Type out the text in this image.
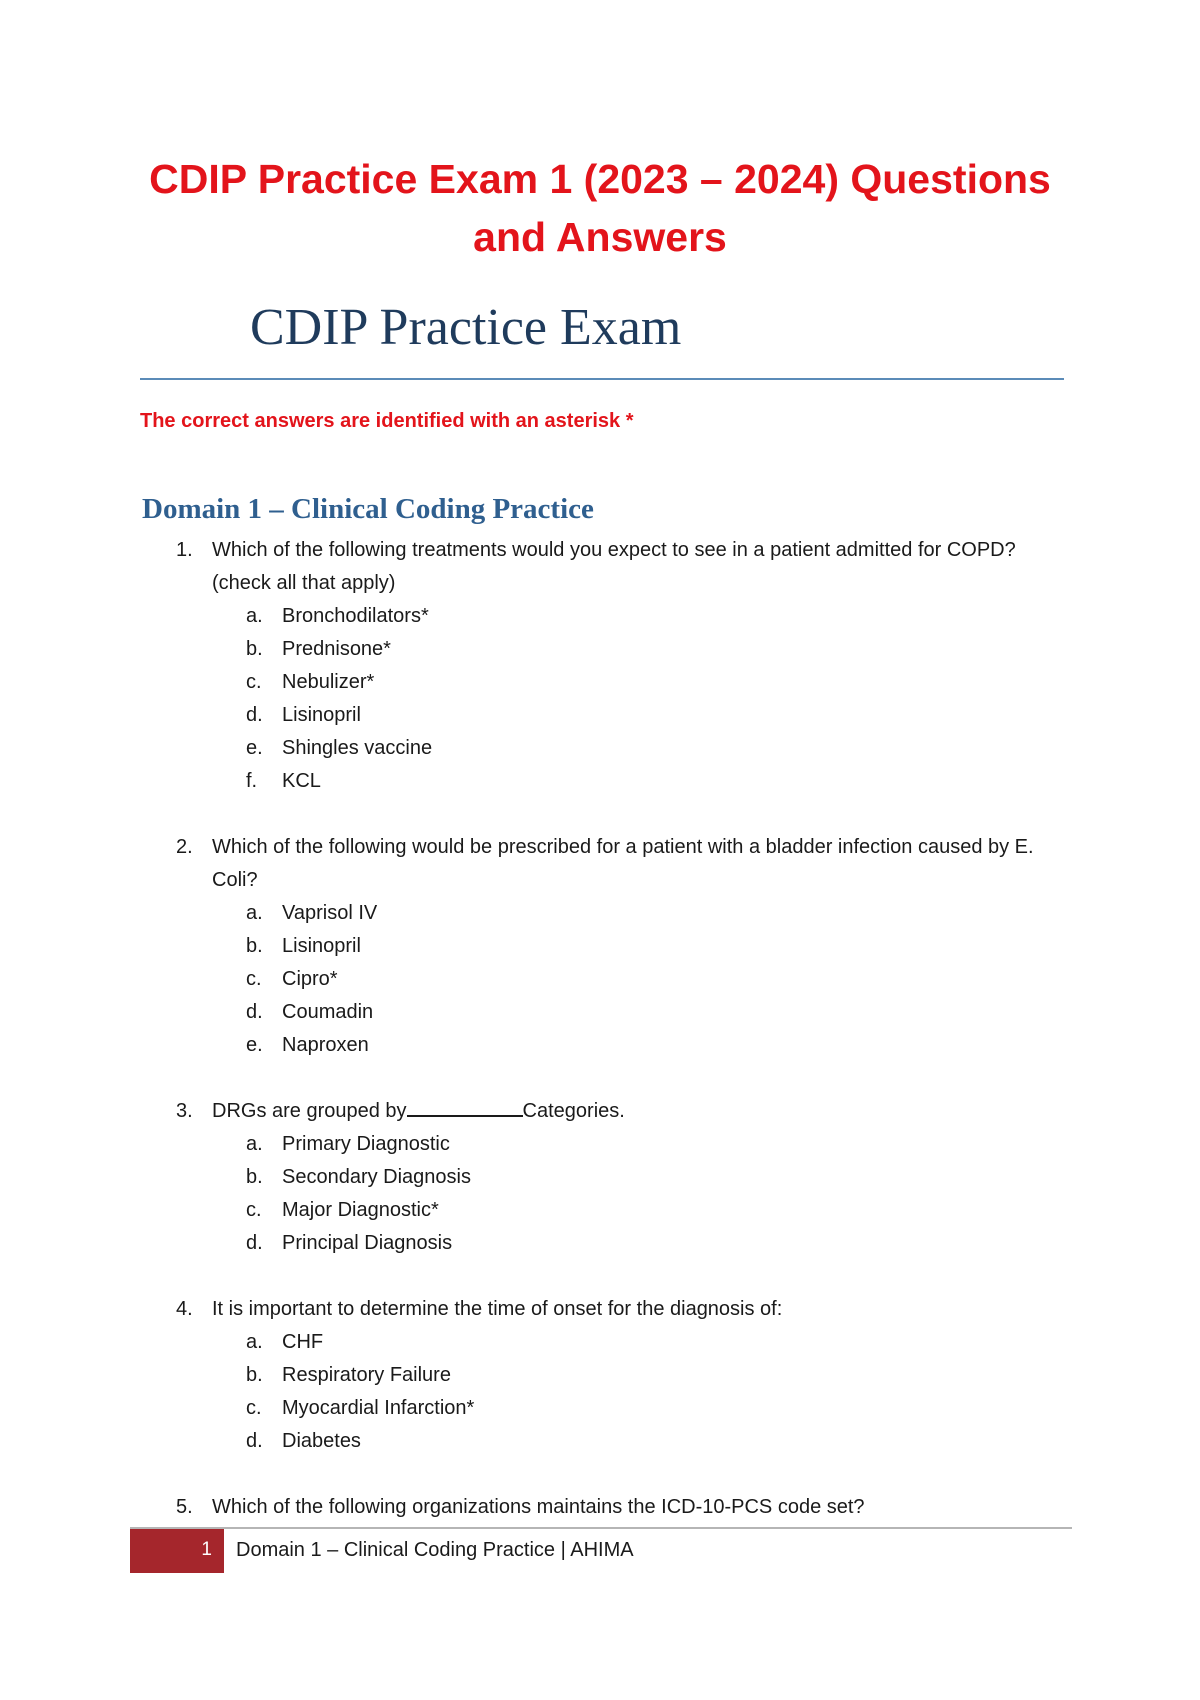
CDIP Practice Exam 1 (2023 – 2024) Questions and Answers
CDIP Practice Exam
The correct answers are identified with an asterisk *
Domain 1 – Clinical Coding Practice
1. Which of the following treatments would you expect to see in a patient admitted for COPD? (check all that apply)
a. Bronchodilators*
b. Prednisone*
c. Nebulizer*
d. Lisinopril
e. Shingles vaccine
f. KCL
2. Which of the following would be prescribed for a patient with a bladder infection caused by E. Coli?
a. Vaprisol IV
b. Lisinopril
c. Cipro*
d. Coumadin
e. Naproxen
3. DRGs are grouped by	Categories.
a. Primary Diagnostic
b. Secondary Diagnosis
c. Major Diagnostic*
d. Principal Diagnosis
4. It is important to determine the time of onset for the diagnosis of:
a. CHF
b. Respiratory Failure
c. Myocardial Infarction*
d. Diabetes
5. Which of the following organizations maintains the ICD-10-PCS code set?
1 Domain 1 – Clinical Coding Practice | AHIMA
